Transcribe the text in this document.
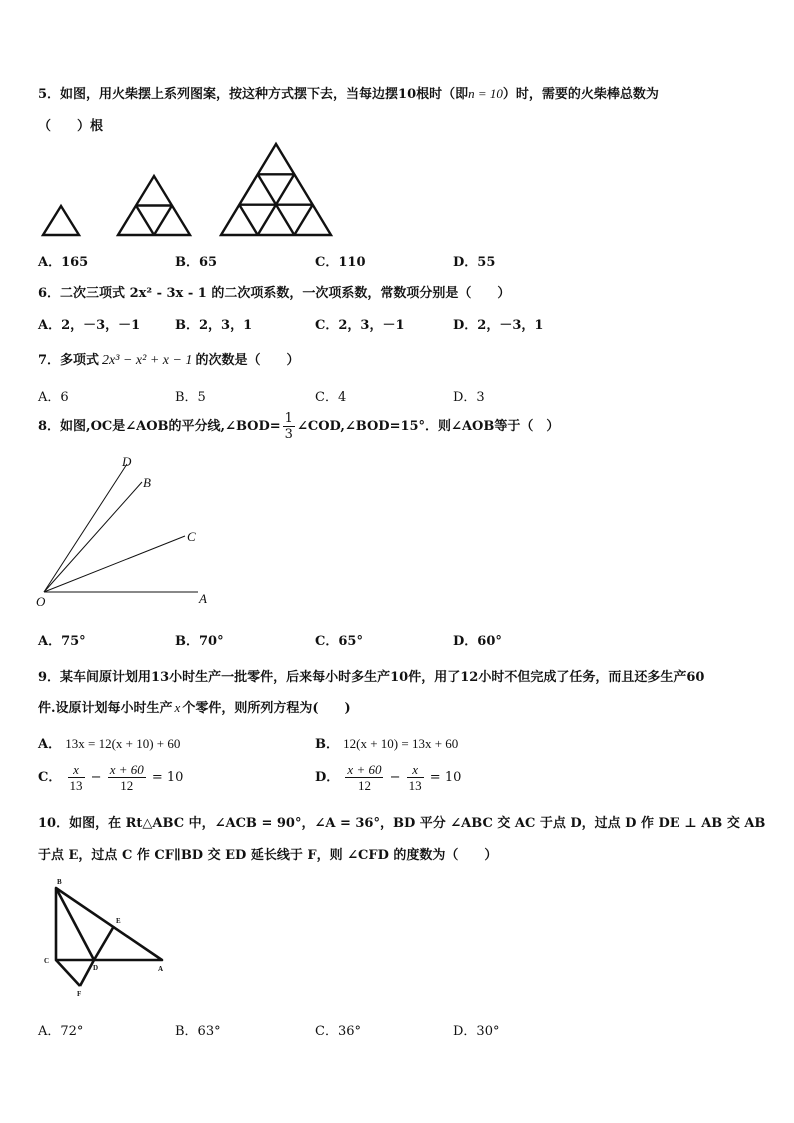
5．如图，用火柴摆上系列图案，按这种方式摆下去，当每边摆10根时（即n = 10）时，需要的火柴棒总数为
（　　）根
A．165	B．65	C．110	D．55
6．二次三项式 2x² - 3x - 1 的二次项系数，一次项系数，常数项分别是（　　）
A．2，－3，－1	B．2，3，1	C．2，3，－1	D．2，－3，1
7．多项式 2x³ − x² + x − 1 的次数是（　　）
A．6	B．5	C．4	D．3
8．如图,OC是∠AOB的平分线,∠BOD= $\frac{1}{3}$ ∠COD,∠BOD=15°．则∠AOB等于（　）
D
B
C
O	A
A．75°	B．70°	C．65°	D．60°
9．某车间原计划用13小时生产一批零件，后来每小时多生产10件，用了12小时不但完成了任务，而且还多生产60
件.设原计划每小时生产 x 个零件，则所列方程为(　　)
A． 13x = 12(x + 10) + 60	B． 12(x + 10) = 13x + 60
C． $\frac{x}{13} - \frac{x + 60}{12} = 10$	D． $\frac{x + 60}{12} - \frac{x}{13} = 10$
10．如图，在 Rt△ABC 中，∠ACB = 90°，∠A = 36°，BD 平分 ∠ABC 交 AC 于点 D，过点 D 作 DE ⊥ AB 交 AB
于点 E，过点 C 作 CF∥BD 交 ED 延长线于 F，则 ∠CFD 的度数为（　　）
B
E
C
D	A
F
A．72°	B．63°	C．36°	D．30°
